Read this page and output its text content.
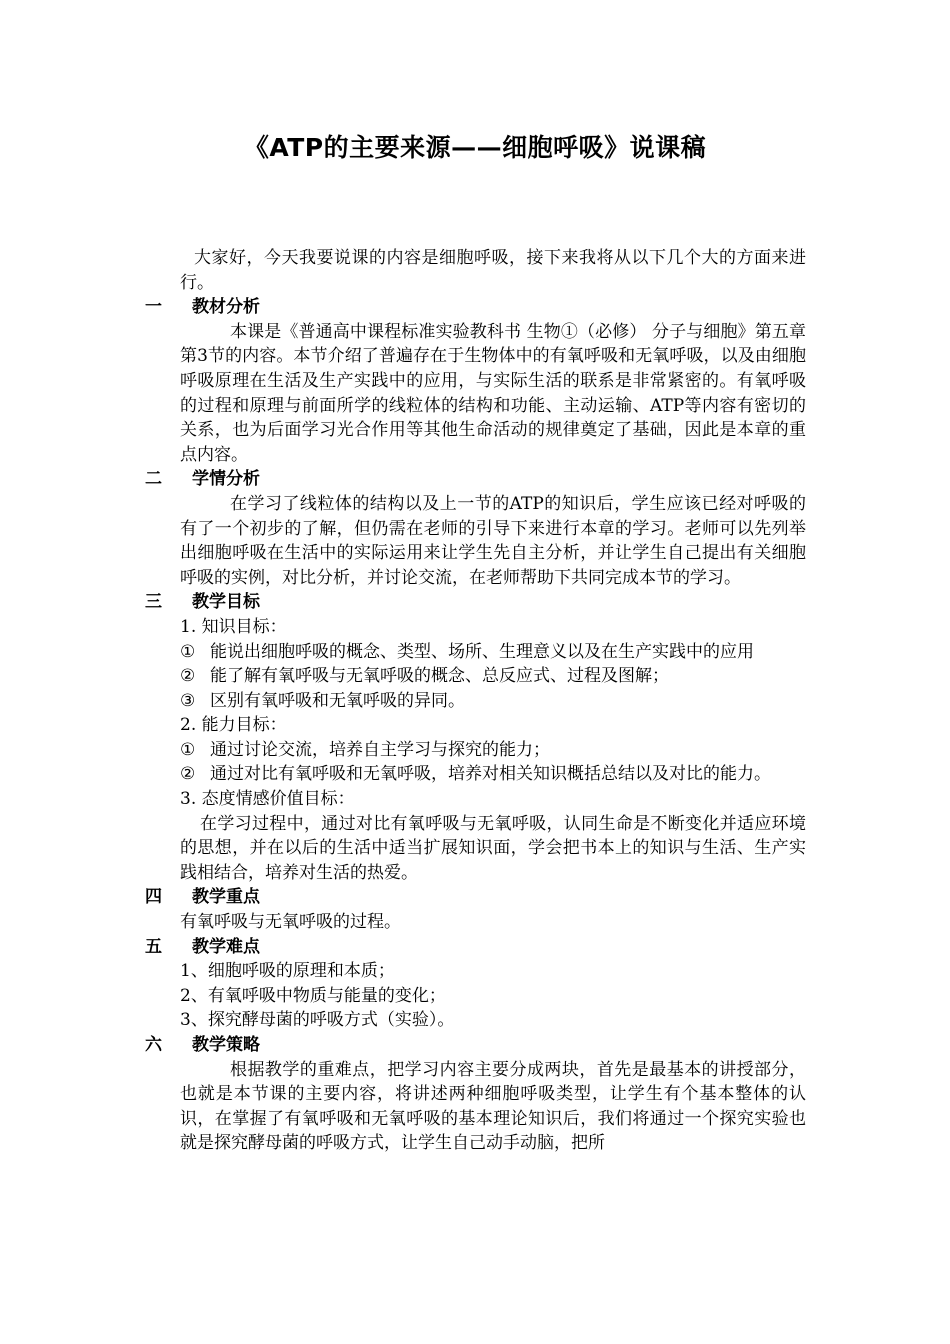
《ATP的主要来源——细胞呼吸》说课稿
大家好，今天我要说课的内容是细胞呼吸，接下来我将从以下几个大的方面来进行。
一 教材分析
本课是《普通高中课程标准实验教科书 生物①（必修） 分子与细胞》第五章第3节的内容。本节介绍了普遍存在于生物体中的有氧呼吸和无氧呼吸，以及由细胞呼吸原理在生活及生产实践中的应用，与实际生活的联系是非常紧密的。有氧呼吸的过程和原理与前面所学的线粒体的结构和功能、主动运输、ATP等内容有密切的关系，也为后面学习光合作用等其他生命活动的规律奠定了基础，因此是本章的重点内容。
二 学情分析
在学习了线粒体的结构以及上一节的ATP的知识后，学生应该已经对呼吸的有了一个初步的了解，但仍需在老师的引导下来进行本章的学习。老师可以先列举出细胞呼吸在生活中的实际运用来让学生先自主分析，并让学生自己提出有关细胞呼吸的实例，对比分析，并讨论交流，在老师帮助下共同完成本节的学习。
三 教学目标
1. 知识目标：
① 能说出细胞呼吸的概念、类型、场所、生理意义以及在生产实践中的应用
② 能了解有氧呼吸与无氧呼吸的概念、总反应式、过程及图解；
③ 区别有氧呼吸和无氧呼吸的异同。
2. 能力目标：
① 通过讨论交流，培养自主学习与探究的能力；
② 通过对比有氧呼吸和无氧呼吸，培养对相关知识概括总结以及对比的能力。
3. 态度情感价值目标：
在学习过程中，通过对比有氧呼吸与无氧呼吸，认同生命是不断变化并适应环境的思想，并在以后的生活中适当扩展知识面，学会把书本上的知识与生活、生产实践相结合，培养对生活的热爱。
四 教学重点
有氧呼吸与无氧呼吸的过程。
五 教学难点
1、细胞呼吸的原理和本质；
2、有氧呼吸中物质与能量的变化；
3、探究酵母菌的呼吸方式（实验）。
六 教学策略
根据教学的重难点，把学习内容主要分成两块，首先是最基本的讲授部分，也就是本节课的主要内容，将讲述两种细胞呼吸类型，让学生有个基本整体的认识，在掌握了有氧呼吸和无氧呼吸的基本理论知识后，我们将通过一个探究实验也就是探究酵母菌的呼吸方式，让学生自己动手动脑，把所
